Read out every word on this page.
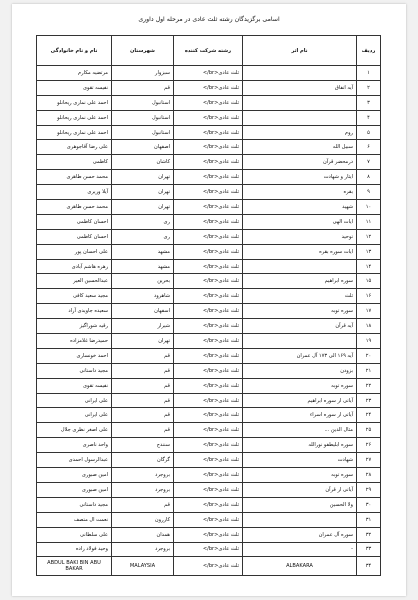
اسامی برگزیدگان رشته ثلث عادی در مرحله اول داوری
ردیف	نام اثر	رشته شرکت کننده	شهرستان	نام و نام خانوادگی
۱		ثلث عادی<br/>	سبزوار	مرتضیه مکارم
۲	آیه اتفاق	ثلث عادی<br/>	قم	نفیسه تقوی
۳		ثلث عادی<br/>	استانبول	احمد علی نمازی ریحانلو
۴		ثلث عادی<br/>	استانبول	احمد علی نمازی ریحانلو
۵	روم	ثلث عادی<br/>	استانبول	احمد علی نمازی ریحانلو
۶	سبیل الله	ثلث عادی<br/>	اصفهان	علی رضا آقاجوهری
۷	درمحضر قرآن	ثلث عادی<br/>	کاشان	کاظمی
۸	ایثار و شهادت	ثلث عادی<br/>	تهران	محمد حسن طاهری
۹	بقره	ثلث عادی<br/>	تهران	آیلا وزیری
۱۰	شهید	ثلث عادی<br/>	تهران	محمد حسن طاهری
۱۱	ایات الهی	ثلث عادی<br/>	ری	احسان کاظمی
۱۲	توحید	ثلث عادی<br/>	ری	احسان کاظمی
۱۳	ایات سوره بقره	ثلث عادی<br/>	مشهد	علی احسان پور
۱۴		ثلث عادی<br/>	مشهد	زهره هاشم آبادی
۱۵	سوره ابراهیم	ثلث عادی<br/>	بحرین	عبدالحسین العیر
۱۶	ثلث	ثلث عادی<br/>	شاهرود	مجید سعید کافی
۱۷	سوره توبه	ثلث عادی<br/>	اسفهان	سعیده جاویدی آزاد
۱۸	آیه قرآن	ثلث عادی<br/>	شیراز	رقیه شوراگیز
۱۹		ثلث عادی<br/>	تهران	حمیدرضا غلامزاده
۲۰	آیه ۱۶۹ الی ۱۷۳ آل عمران	ثلث عادی<br/>	قم	احمد خونساری
۲۱	بزودن	ثلث عادی<br/>	قم	مجید داستانی
۲۲	سوره توبه	ثلث عادی<br/>	قم	نفیسه تقوی
۲۳	آیاتی از سوره ابراهیم	ثلث عادی<br/>	قم	علی ایرانی
۲۴	آیاتی از سوره اسراء	ثلث عادی<br/>	قم	علی ایرانی
۲۵	مثال الذین ...	ثلث عادی<br/>	قم	علی اصغر نظری جلال
۲۶	سوره ابلیطفو نورالله	ثلث عادی<br/>	سنندج	واحد ناصری
۲۷	شهادت	ثلث عادی<br/>	گرگان	عبدالرسول احمدی
۲۸	سوره توبه	ثلث عادی<br/>	بروجرد	امین صبوری
۲۹	آیاتی از قرآن	ثلث عادی<br/>	بروجرد	امین صبوری
۳۰	ولا الحسین	ثلث عادی<br/>	قم	مجید داستانی
۳۱		ثلث عادی<br/>	کازرون	نعمت ال متصف
۳۲	سوره آل عمران	ثلث عادی<br/>	همدان	علی سلطانی
۳۳	-	ثلث عادی<br/>	بروجرد	وحید فولاد زاده
۳۴	ALBAKARA	ثلث عادی<br/>	MALAYSIA	ABDUL BAKI BIN ABU BAKAR
